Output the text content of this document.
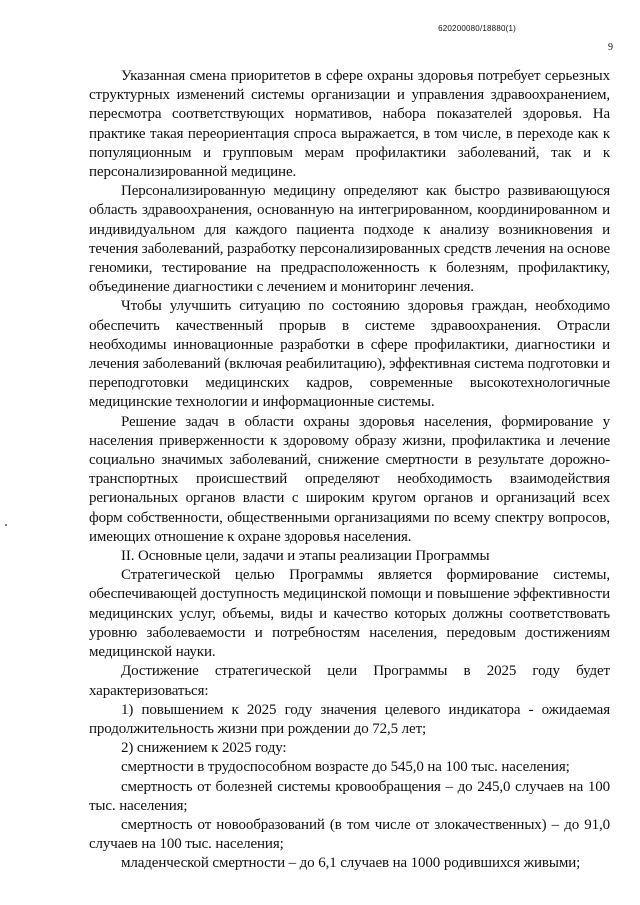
620200080/18880(1)
9

Указанная смена приоритетов в сфере охраны здоровья потребует серьезных структурных изменений системы организации и управления здравоохранением, пересмотра соответствующих нормативов, набора показателей здоровья. На практике такая переориентация спроса выражается, в том числе, в переходе как к популяционным и групповым мерам профилактики заболеваний, так и к персонализированной медицине.

Персонализированную медицину определяют как быстро развивающуюся область здравоохранения, основанную на интегрированном, координированном и индивидуальном для каждого пациента подходе к анализу возникновения и течения заболеваний, разработку персонализированных средств лечения на основе геномики, тестирование на предрасположенность к болезням, профилактику, объединение диагностики с лечением и мониторинг лечения.

Чтобы улучшить ситуацию по состоянию здоровья граждан, необходимо обеспечить качественный прорыв в системе здравоохранения. Отрасли необходимы инновационные разработки в сфере профилактики, диагностики и лечения заболеваний (включая реабилитацию), эффективная система подготовки и переподготовки медицинских кадров, современные высокотехнологичные медицинские технологии и информационные системы.

Решение задач в области охраны здоровья населения, формирование у населения приверженности к здоровому образу жизни, профилактика и лечение социально значимых заболеваний, снижение смертности в результате дорожно-транспортных происшествий определяют необходимость взаимодействия региональных органов власти с широким кругом органов и организаций всех форм собственности, общественными организациями по всему спектру вопросов, имеющих отношение к охране здоровья населения.

II. Основные цели, задачи и этапы реализации Программы

Стратегической целью Программы является формирование системы, обеспечивающей доступность медицинской помощи и повышение эффективности медицинских услуг, объемы, виды и качество которых должны соответствовать уровню заболеваемости и потребностям населения, передовым достижениям медицинской науки.

Достижение стратегической цели Программы в 2025 году будет характеризоваться:

1) повышением к 2025 году значения целевого индикатора - ожидаемая продолжительность жизни при рождении до 72,5 лет;

2) снижением к 2025 году:

смертности в трудоспособном возрасте до 545,0 на 100 тыс. населения;

смертность от болезней системы кровообращения – до 245,0 случаев на 100 тыс. населения;

смертность от новообразований (в том числе от злокачественных) – до 91,0 случаев на 100 тыс. населения;

младенческой смертности – до 6,1 случаев на 1000 родившихся живыми;
